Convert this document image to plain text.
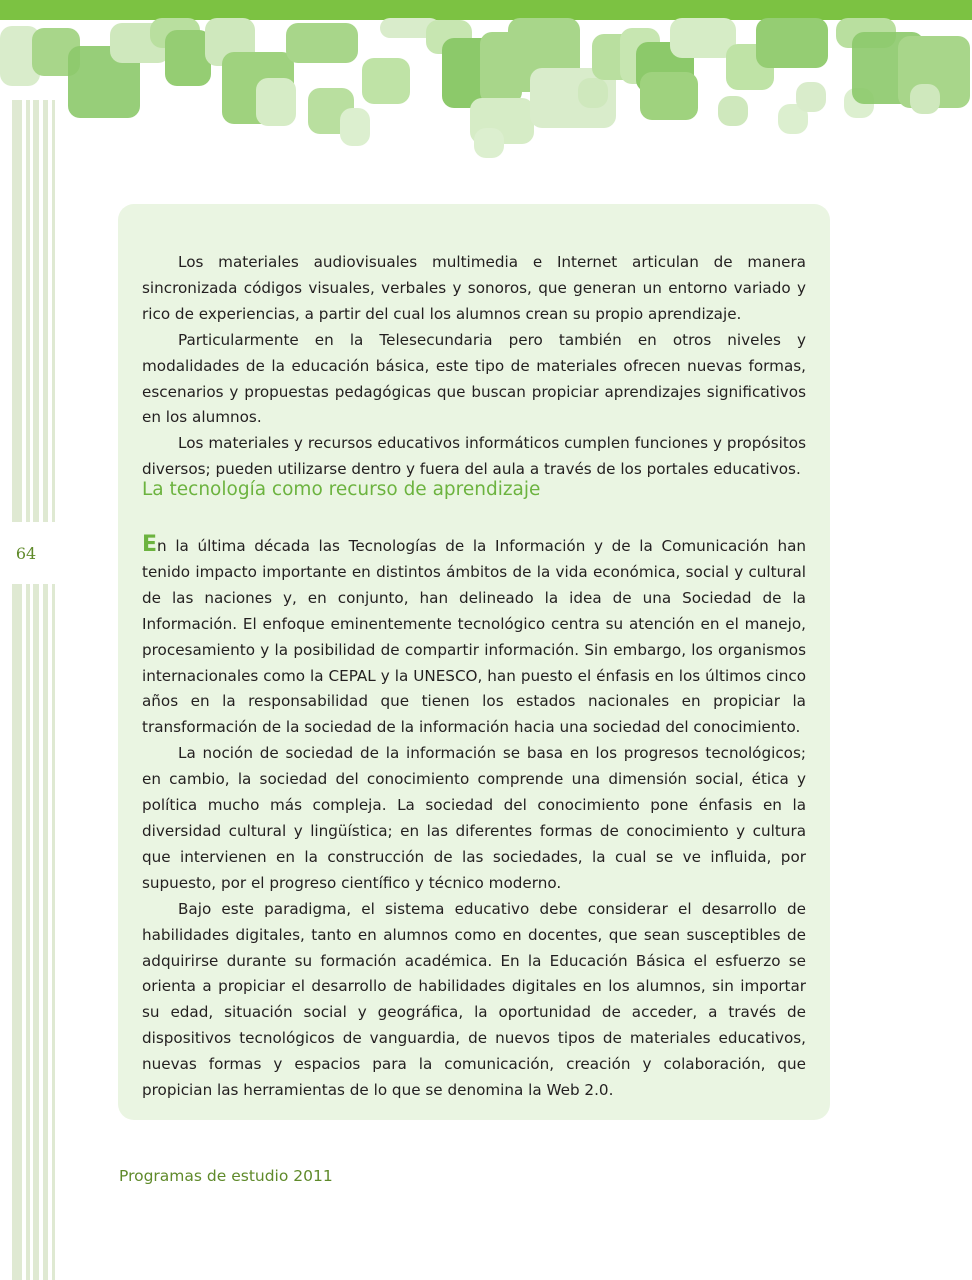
64

Los materiales audiovisuales multimedia e Internet articulan de manera sincronizada códigos visuales, verbales y sonoros, que generan un entorno variado y rico de experiencias, a partir del cual los alumnos crean su propio aprendizaje.

Particularmente en la Telesecundaria pero también en otros niveles y modalidades de la educación básica, este tipo de materiales ofrecen nuevas formas, escenarios y propuestas pedagógicas que buscan propiciar aprendizajes significativos en los alumnos.

Los materiales y recursos educativos informáticos cumplen funciones y propósitos diversos; pueden utilizarse dentro y fuera del aula a través de los portales educativos.

La tecnología como recurso de aprendizaje

En la última década las Tecnologías de la Información y de la Comunicación han tenido impacto importante en distintos ámbitos de la vida económica, social y cultural de las naciones y, en conjunto, han delineado la idea de una Sociedad de la Información. El enfoque eminentemente tecnológico centra su atención en el manejo, procesamiento y la posibilidad de compartir información. Sin embargo, los organismos internacionales como la CEPAL y la UNESCO, han puesto el énfasis en los últimos cinco años en la responsabilidad que tienen los estados nacionales en propiciar la transformación de la sociedad de la información hacia una sociedad del conocimiento.

La noción de sociedad de la información se basa en los progresos tecnológicos; en cambio, la sociedad del conocimiento comprende una dimensión social, ética y política mucho más compleja. La sociedad del conocimiento pone énfasis en la diversidad cultural y lingüística; en las diferentes formas de conocimiento y cultura que intervienen en la construcción de las sociedades, la cual se ve influida, por supuesto, por el progreso científico y técnico moderno.

Bajo este paradigma, el sistema educativo debe considerar el desarrollo de habilidades digitales, tanto en alumnos como en docentes, que sean susceptibles de adquirirse durante su formación académica. En la Educación Básica el esfuerzo se orienta a propiciar el desarrollo de habilidades digitales en los alumnos, sin importar su edad, situación social y geográfica, la oportunidad de acceder, a través de dispositivos tecnológicos de vanguardia, de nuevos tipos de materiales educativos, nuevas formas y espacios para la comunicación, creación y colaboración, que propician las herramientas de lo que se denomina la Web 2.0.

Programas de estudio 2011
